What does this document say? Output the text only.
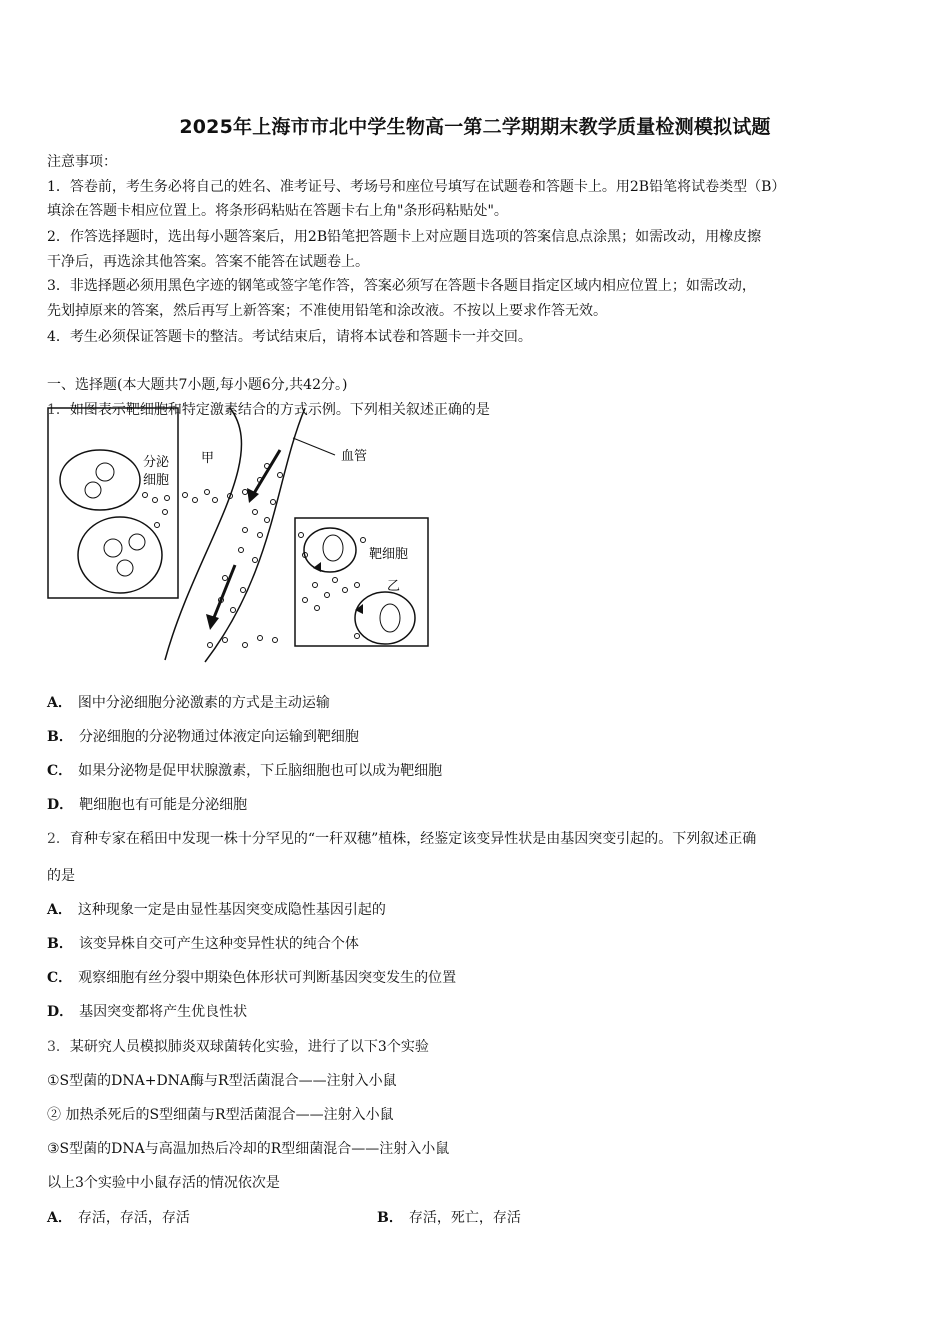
2025年上海市市北中学生物高一第二学期期末教学质量检测模拟试题
注意事项：
1．答卷前，考生务必将自己的姓名、准考证号、考场号和座位号填写在试题卷和答题卡上。用2B铅笔将试卷类型（B）
填涂在答题卡相应位置上。将条形码粘贴在答题卡右上角"条形码粘贴处"。
2．作答选择题时，选出每小题答案后，用2B铅笔把答题卡上对应题目选项的答案信息点涂黑；如需改动，用橡皮擦
干净后，再选涂其他答案。答案不能答在试题卷上。
3．非选择题必须用黑色字迹的钢笔或签字笔作答，答案必须写在答题卡各题目指定区域内相应位置上；如需改动，
先划掉原来的答案，然后再写上新答案；不准使用铅笔和涂改液。不按以上要求作答无效。
4．考生必须保证答题卡的整洁。考试结束后，请将本试卷和答题卡一并交回。
一、选择题(本大题共7小题,每小题6分,共42分。)
1．如图表示靶细胞和特定激素结合的方式示例。下列相关叙述正确的是
分泌
细胞
甲	血管
靶细胞
乙
A． 图中分泌细胞分泌激素的方式是主动运输
B． 分泌细胞的分泌物通过体液定向运输到靶细胞
C． 如果分泌物是促甲状腺激素，下丘脑细胞也可以成为靶细胞
D． 靶细胞也有可能是分泌细胞
2．育种专家在稻田中发现一株十分罕见的“一秆双穗”植株，经鉴定该变异性状是由基因突变引起的。下列叙述正确
的是
A． 这种现象一定是由显性基因突变成隐性基因引起的
B． 该变异株自交可产生这种变异性状的纯合个体
C． 观察细胞有丝分裂中期染色体形状可判断基因突变发生的位置
D． 基因突变都将产生优良性状
3．某研究人员模拟肺炎双球菌转化实验，进行了以下3个实验
①S型菌的DNA+DNA酶与R型活菌混合——注射入小鼠
② 加热杀死后的S型细菌与R型活菌混合——注射入小鼠
③S型菌的DNA与高温加热后冷却的R型细菌混合——注射入小鼠
以上3个实验中小鼠存活的情况依次是
A． 存活，存活，存活	B． 存活，死亡，存活
